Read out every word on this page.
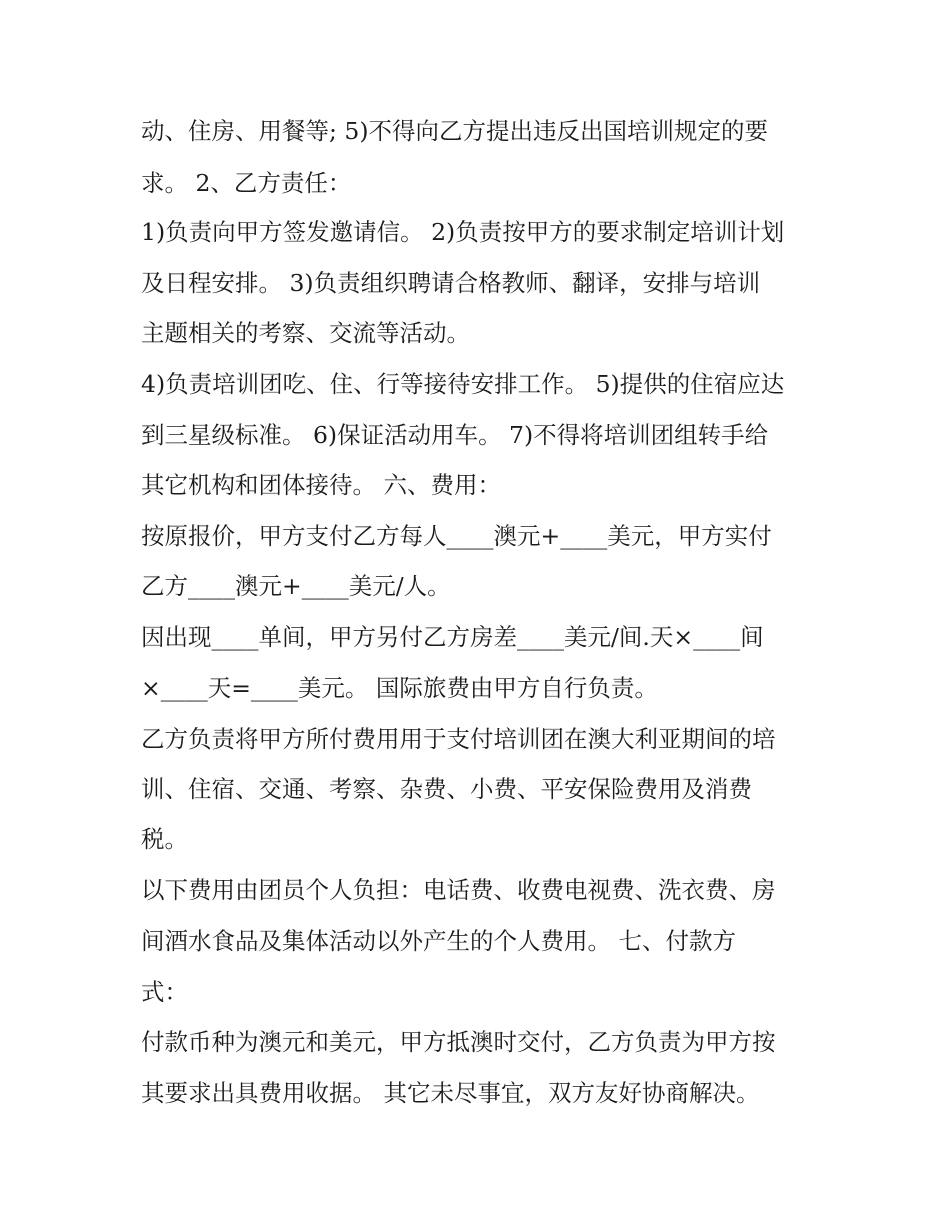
动、住房、用餐等; 5)不得向乙方提出违反出国培训规定的要
求。 2、乙方责任：
1)负责向甲方签发邀请信。 2)负责按甲方的要求制定培训计划
及日程安排。 3)负责组织聘请合格教师、翻译，安排与培训
主题相关的考察、交流等活动。
4)负责培训团吃、住、行等接待安排工作。 5)提供的住宿应达
到三星级标准。 6)保证活动用车。 7)不得将培训团组转手给
其它机构和团体接待。 六、费用：
按原报价，甲方支付乙方每人____澳元+____美元，甲方实付
乙方____澳元+____美元/人。
因出现____单间，甲方另付乙方房差____美元/间.天×____间
×____天=____美元。 国际旅费由甲方自行负责。
乙方负责将甲方所付费用用于支付培训团在澳大利亚期间的培
训、住宿、交通、考察、杂费、小费、平安保险费用及消费
税。
以下费用由团员个人负担：电话费、收费电视费、洗衣费、房
间酒水食品及集体活动以外产生的个人费用。 七、付款方
式：
付款币种为澳元和美元，甲方抵澳时交付，乙方负责为甲方按
其要求出具费用收据。 其它未尽事宜，双方友好协商解决。
